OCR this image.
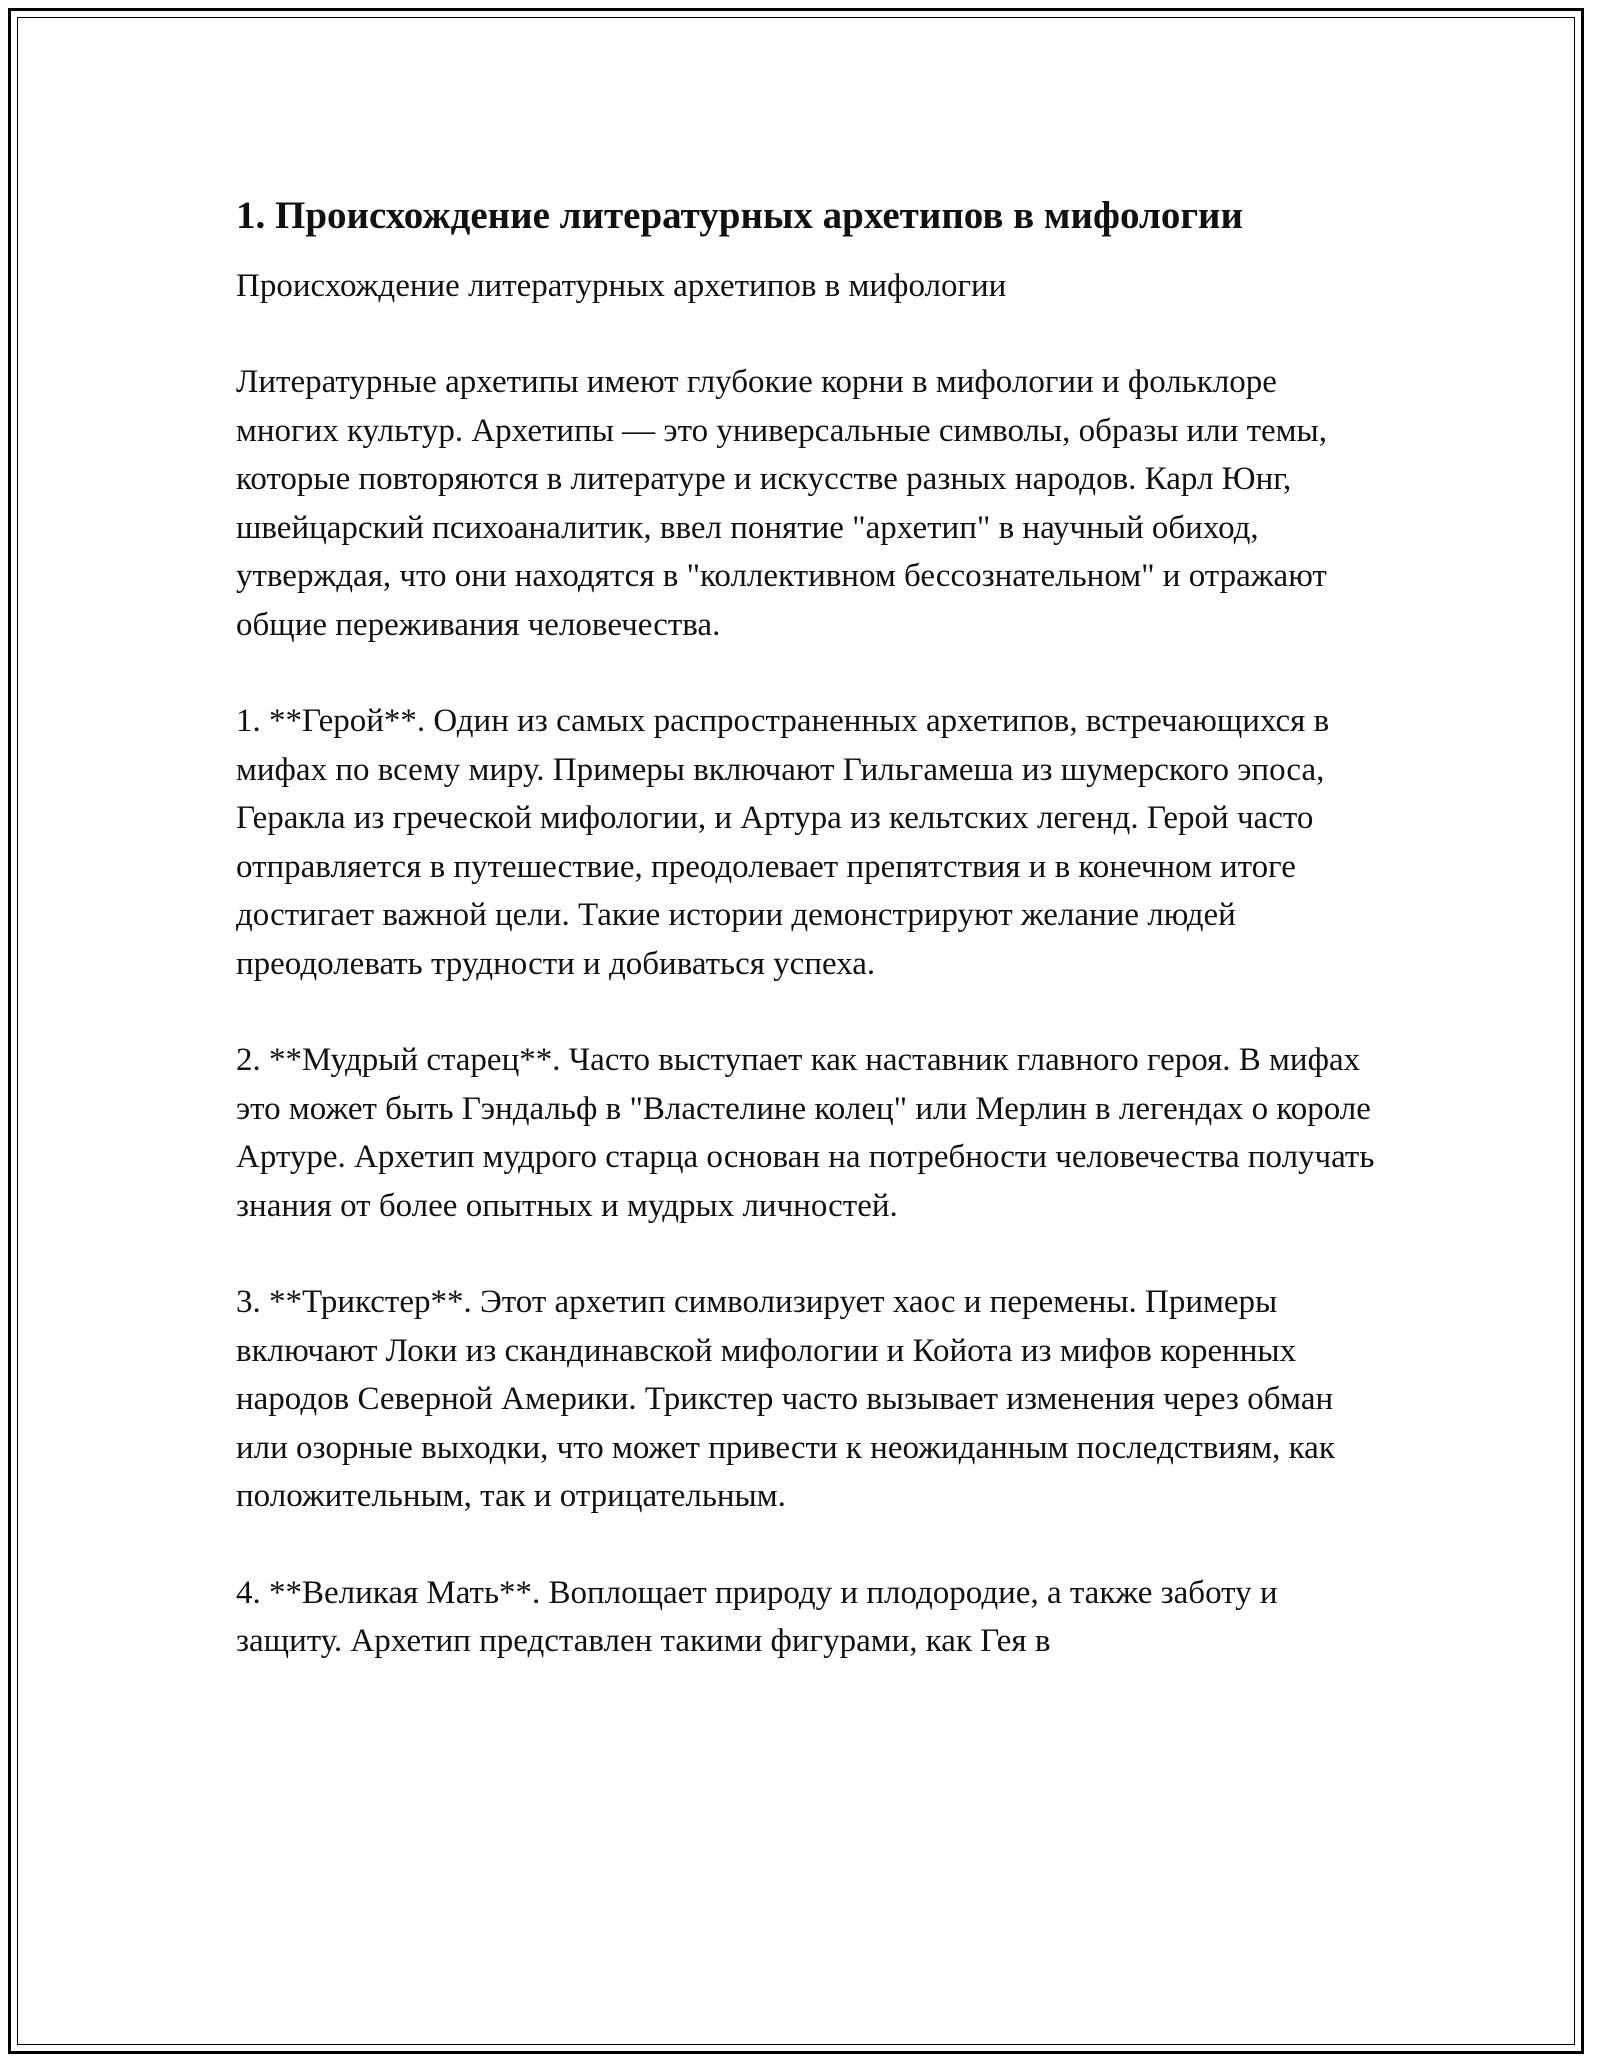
1. Происхождение литературных архетипов в мифологии

Происхождение литературных архетипов в мифологии

Литературные архетипы имеют глубокие корни в мифологии и фольклоре многих культур. Архетипы — это универсальные символы, образы или темы, которые повторяются в литературе и искусстве разных народов. Карл Юнг, швейцарский психоаналитик, ввел понятие "архетип" в научный обиход, утверждая, что они находятся в "коллективном бессознательном" и отражают общие переживания человечества.

1. **Герой**. Один из самых распространенных архетипов, встречающихся в мифах по всему миру. Примеры включают Гильгамеша из шумерского эпоса, Геракла из греческой мифологии, и Артура из кельтских легенд. Герой часто отправляется в путешествие, преодолевает препятствия и в конечном итоге достигает важной цели. Такие истории демонстрируют желание людей преодолевать трудности и добиваться успеха.

2. **Мудрый старец**. Часто выступает как наставник главного героя. В мифах это может быть Гэндальф в "Властелине колец" или Мерлин в легендах о короле Артуре. Архетип мудрого старца основан на потребности человечества получать знания от более опытных и мудрых личностей.

3. **Трикстер**. Этот архетип символизирует хаос и перемены. Примеры включают Локи из скандинавской мифологии и Койота из мифов коренных народов Северной Америки. Трикстер часто вызывает изменения через обман или озорные выходки, что может привести к неожиданным последствиям, как положительным, так и отрицательным.

4. **Великая Мать**. Воплощает природу и плодородие, а также заботу и защиту. Архетип представлен такими фигурами, как Гея в
